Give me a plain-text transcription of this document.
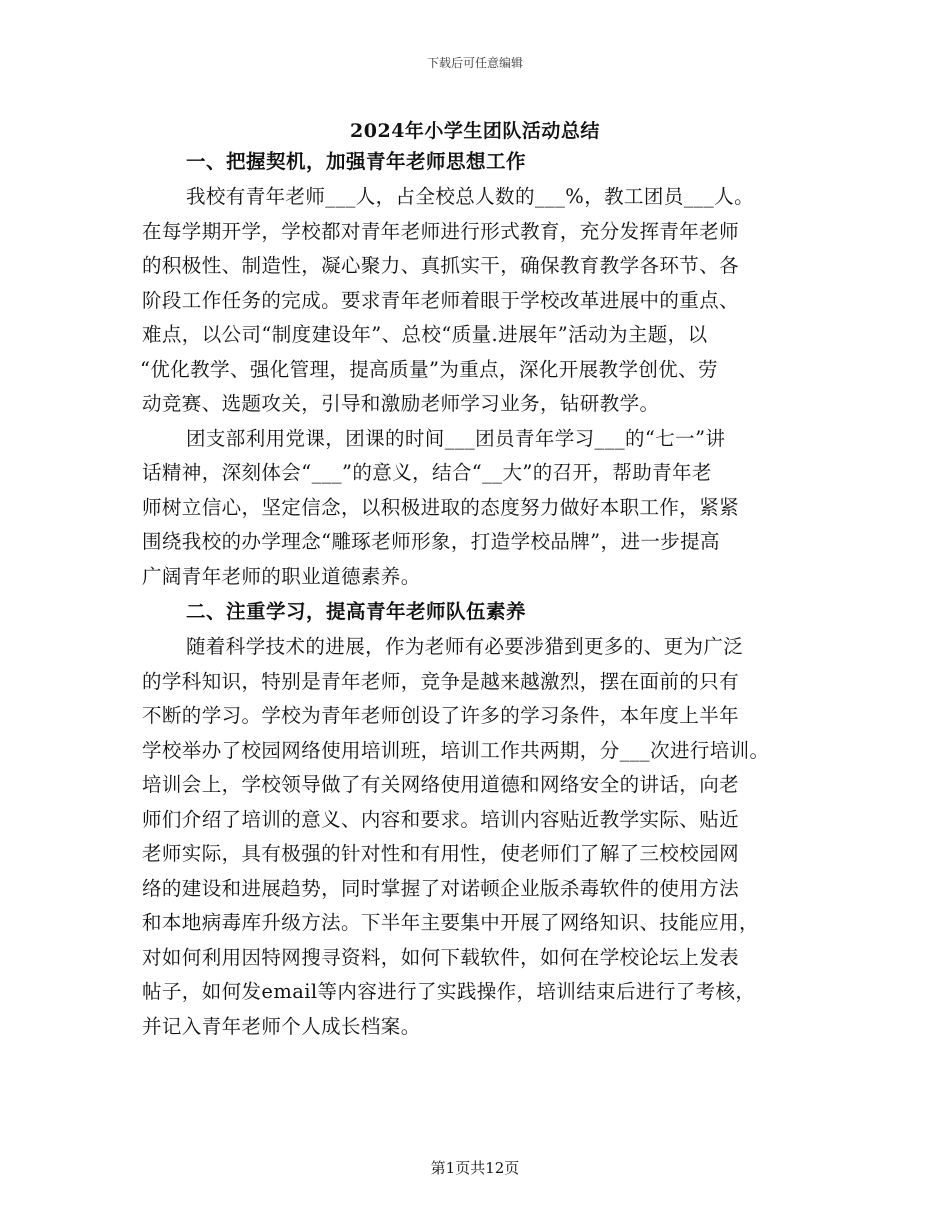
下载后可任意编辑
2024年小学生团队活动总结
一、把握契机，加强青年老师思想工作
我校有青年老师___人，占全校总人数的___%，教工团员___人。
在每学期开学，学校都对青年老师进行形式教育，充分发挥青年老师
的积极性、制造性，凝心聚力、真抓实干，确保教育教学各环节、各
阶段工作任务的完成。要求青年老师着眼于学校改革进展中的重点、
难点，以公司“制度建设年”、总校“质量.进展年”活动为主题，以
“优化教学、强化管理，提高质量”为重点，深化开展教学创优、劳
动竞赛、选题攻关，引导和激励老师学习业务，钻研教学。
团支部利用党课，团课的时间___团员青年学习___的“七一”讲
话精神，深刻体会“___”的意义，结合“__大”的召开，帮助青年老
师树立信心，坚定信念，以积极进取的态度努力做好本职工作，紧紧
围绕我校的办学理念“雕琢老师形象，打造学校品牌”，进一步提高
广阔青年老师的职业道德素养。
二、注重学习，提高青年老师队伍素养
随着科学技术的进展，作为老师有必要涉猎到更多的、更为广泛
的学科知识，特别是青年老师，竞争是越来越激烈，摆在面前的只有
不断的学习。学校为青年老师创设了许多的学习条件，本年度上半年
学校举办了校园网络使用培训班，培训工作共两期，分___次进行培训。
培训会上，学校领导做了有关网络使用道德和网络安全的讲话，向老
师们介绍了培训的意义、内容和要求。培训内容贴近教学实际、贴近
老师实际，具有极强的针对性和有用性，使老师们了解了三校校园网
络的建设和进展趋势，同时掌握了对诺顿企业版杀毒软件的使用方法
和本地病毒库升级方法。下半年主要集中开展了网络知识、技能应用，
对如何利用因特网搜寻资料，如何下载软件，如何在学校论坛上发表
帖子，如何发email等内容进行了实践操作，培训结束后进行了考核，
并记入青年老师个人成长档案。
第1页共12页
